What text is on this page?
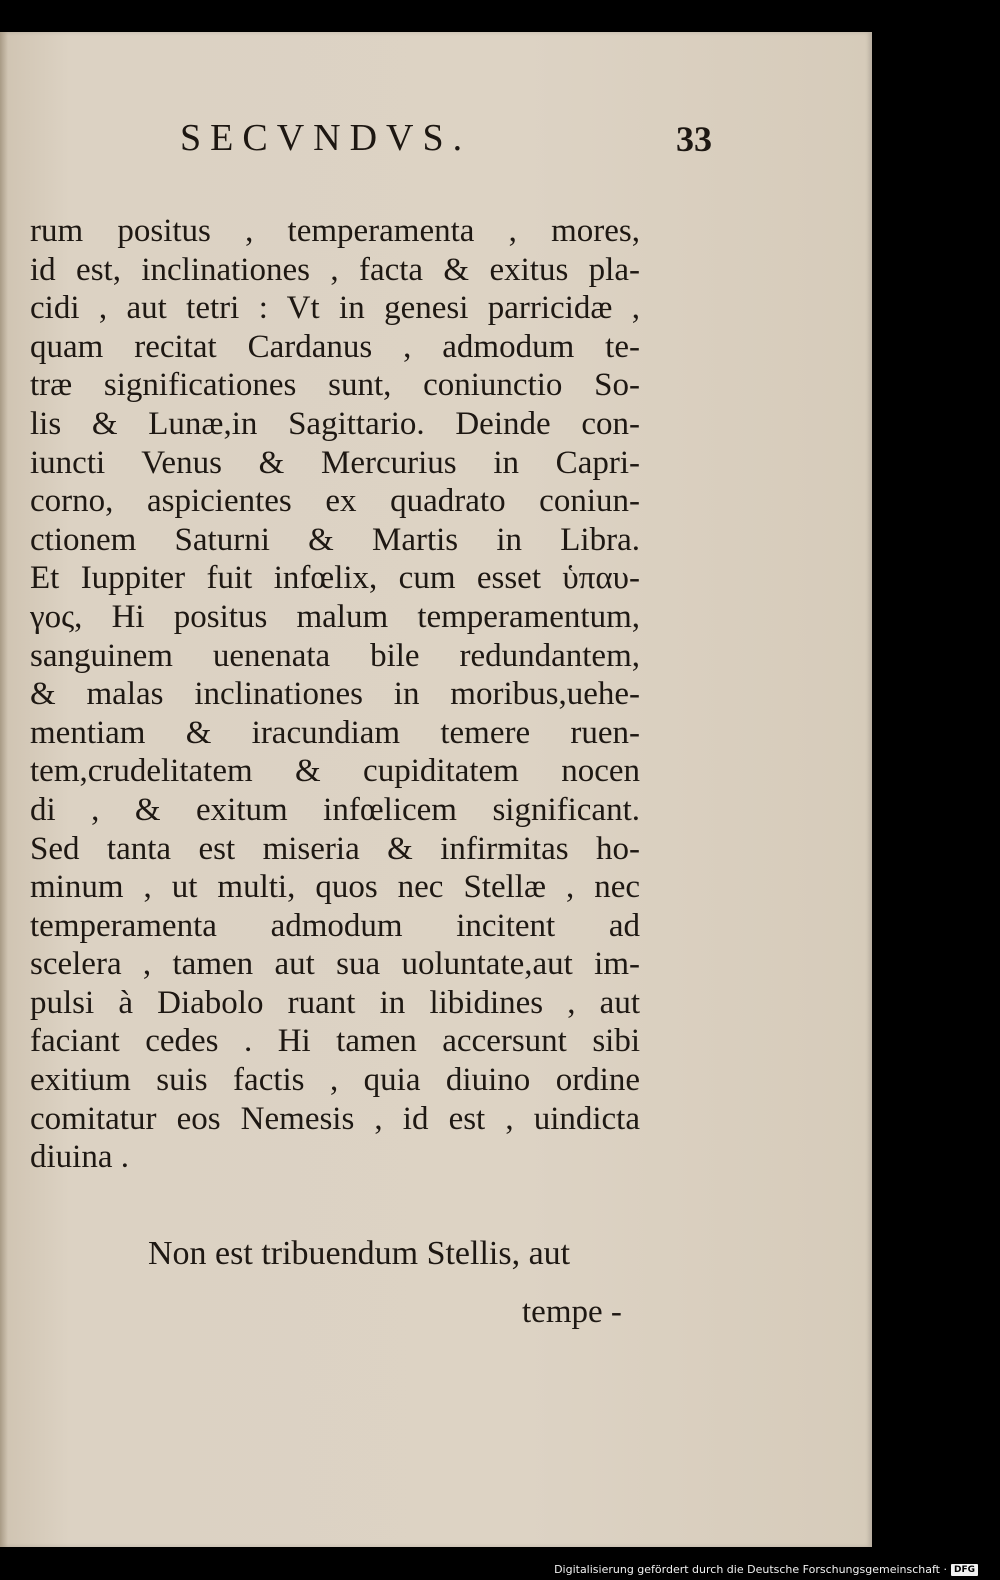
SECVNDVS.	33
rum positus , temperamenta , mores,
id est, inclinationes , facta & exitus pla-
cidi , aut tetri : Vt in genesi parricidæ ,
quam recitat Cardanus , admodum te-
træ significationes sunt, coniunctio So-
lis & Lunæ,in Sagittario. Deinde con-
iuncti Venus & Mercurius in Capri-
corno, aspicientes ex quadrato coniun-
ctionem Saturni & Martis in Libra.
Et Iuppiter fuit infœlix, cum esset ὑπαυ-
γος, Hi positus malum temperamentum,
sanguinem uenenata bile redundantem,
& malas inclinationes in moribus,uehe-
mentiam & iracundiam temere ruen-
tem,crudelitatem & cupiditatem nocen
di , & exitum infœlicem significant.
Sed tanta est miseria & infirmitas ho-
minum , ut multi, quos nec Stellæ , nec
temperamenta admodum incitent ad
scelera , tamen aut sua uoluntate,aut im-
pulsi à Diabolo ruant in libidines , aut
faciant cedes . Hi tamen accersunt sibi
exitium suis factis , quia diuino ordine
comitatur eos Nemesis , id est , uindicta
diuina .
Non est tribuendum Stellis, aut
tempe -
Digitalisierung gefördert durch die Deutsche Forschungsgemeinschaft · DFG
